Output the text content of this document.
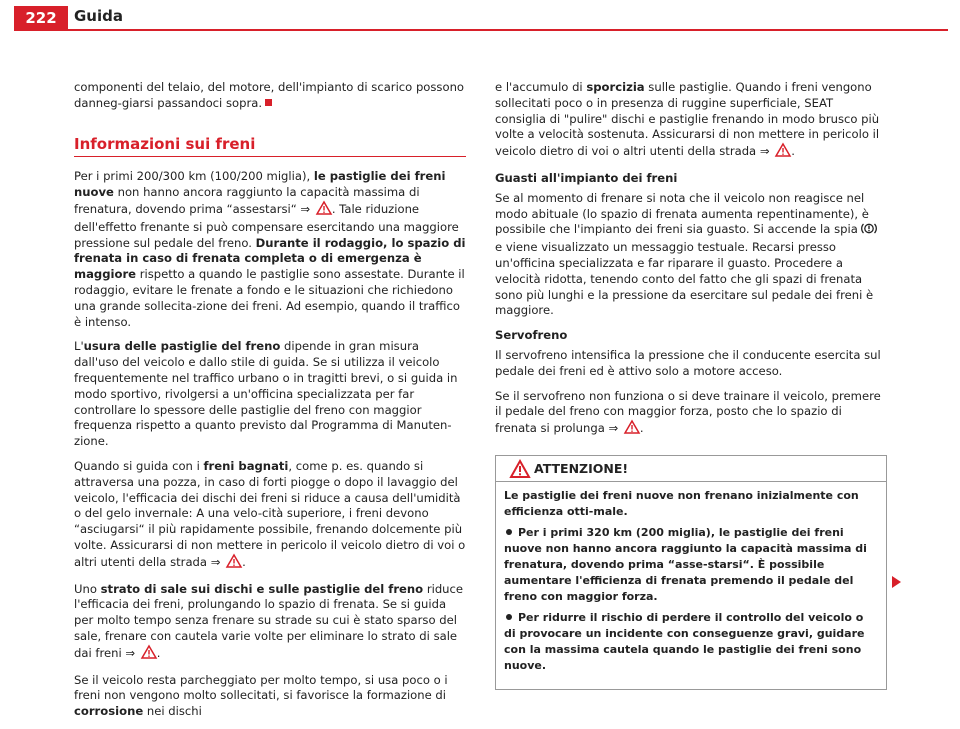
222	Guida

componenti del telaio, del motore, dell'impianto di scarico possono danneg-giarsi passandoci sopra.

Informazioni sui freni

Per i primi 200/300 km (100/200 miglia), le pastiglie dei freni nuove non hanno ancora raggiunto la capacità massima di frenatura, dovendo prima “assestarsi“ ⇒ . Tale riduzione dell'effetto frenante si può compensare esercitando una maggiore pressione sul pedale del freno. Durante il rodaggio, lo spazio di frenata in caso di frenata completa o di emergenza è maggiore rispetto a quando le pastiglie sono assestate. Durante il rodaggio, evitare le frenate a fondo e le situazioni che richiedono una grande sollecita-zione dei freni. Ad esempio, quando il traffico è intenso.

L'usura delle pastiglie del freno dipende in gran misura dall'uso del veicolo e dallo stile di guida. Se si utilizza il veicolo frequentemente nel traffico urbano o in tragitti brevi, o si guida in modo sportivo, rivolgersi a un'officina specializzata per far controllare lo spessore delle pastiglie del freno con maggior frequenza rispetto a quanto previsto dal Programma di Manuten-zione.

Quando si guida con i freni bagnati, come p. es. quando si attraversa una pozza, in caso di forti piogge o dopo il lavaggio del veicolo, l'efficacia dei dischi dei freni si riduce a causa dell'umidità o del gelo invernale: A una velo-cità superiore, i freni devono “asciugarsi“ il più rapidamente possibile, frenando dolcemente più volte. Assicurarsi di non mettere in pericolo il veicolo dietro di voi o altri utenti della strada ⇒ .

Uno strato di sale sui dischi e sulle pastiglie del freno riduce l'efficacia dei freni, prolungando lo spazio di frenata. Se si guida per molto tempo senza frenare su strade su cui è stato sparso del sale, frenare con cautela varie volte per eliminare lo strato di sale dai freni ⇒ .

Se il veicolo resta parcheggiato per molto tempo, si usa poco o i freni non vengono molto sollecitati, si favorisce la formazione di corrosione nei dischi

e l'accumulo di sporcizia sulle pastiglie. Quando i freni vengono sollecitati poco o in presenza di ruggine superficiale, SEAT consiglia di "pulire" dischi e pastiglie frenando in modo brusco più volte a velocità sostenuta. Assicurarsi di non mettere in pericolo il veicolo dietro di voi o altri utenti della strada ⇒ .

Guasti all'impianto dei freni

Se al momento di frenare si nota che il veicolo non reagisce nel modo abituale (lo spazio di frenata aumenta repentinamente), è possibile che l'impianto dei freni sia guasto. Si accende la spia  e viene visualizzato un messaggio testuale. Recarsi presso un'officina specializzata e far riparare il guasto. Procedere a velocità ridotta, tenendo conto del fatto che gli spazi di frenata sono più lunghi e la pressione da esercitare sul pedale dei freni è maggiore.

Servofreno

Il servofreno intensifica la pressione che il conducente esercita sul pedale dei freni ed è attivo solo a motore acceso.

Se il servofreno non funziona o si deve trainare il veicolo, premere il pedale del freno con maggior forza, posto che lo spazio di frenata si prolunga ⇒ .

ATTENZIONE!

Le pastiglie dei freni nuove non frenano inizialmente con efficienza otti-male.

Per i primi 320 km (200 miglia), le pastiglie dei freni nuove non hanno ancora raggiunto la capacità massima di frenatura, dovendo prima “asse-starsi“. È possibile aumentare l'efficienza di frenata premendo il pedale del freno con maggior forza.

Per ridurre il rischio di perdere il controllo del veicolo o di provocare un incidente con conseguenze gravi, guidare con la massima cautela quando le pastiglie dei freni sono nuove.
